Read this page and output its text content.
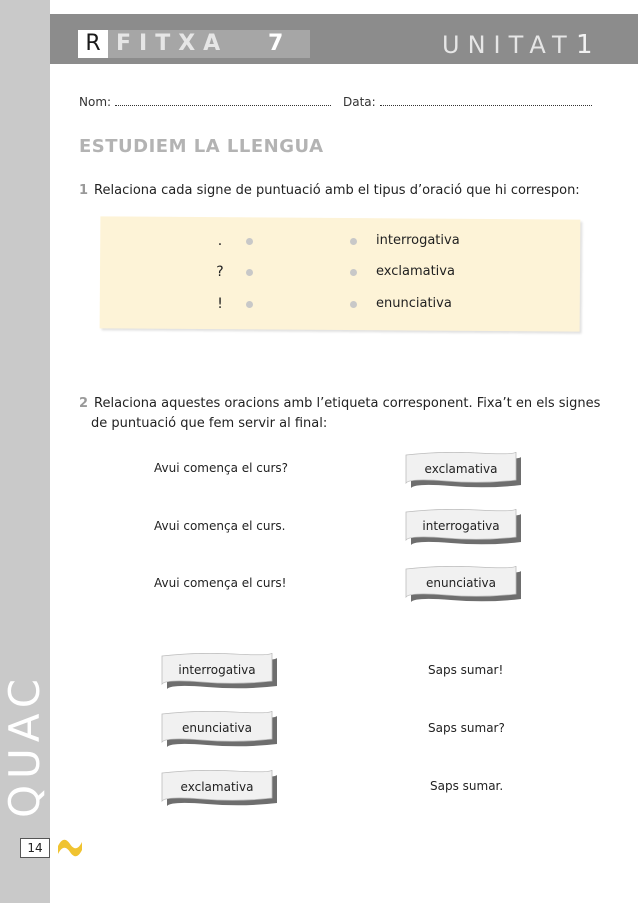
QUAC
14
R FITXA 7	UNITAT 1
Nom:	Data:
ESTUDIEM LA LLENGUA
1 Relaciona cada signe de puntuació amb el tipus d’oració que hi correspon:
.
?
!
interrogativa
exclamativa
enunciativa
2 Relaciona aquestes oracions amb l’etiqueta corresponent. Fixa’t en els signes
de puntuació que fem servir al final:
Avui comença el curs?
Avui comença el curs.
Avui comença el curs!
exclamativa
interrogativa
enunciativa
interrogativa
enunciativa
exclamativa
Saps sumar!
Saps sumar?
Saps sumar.
